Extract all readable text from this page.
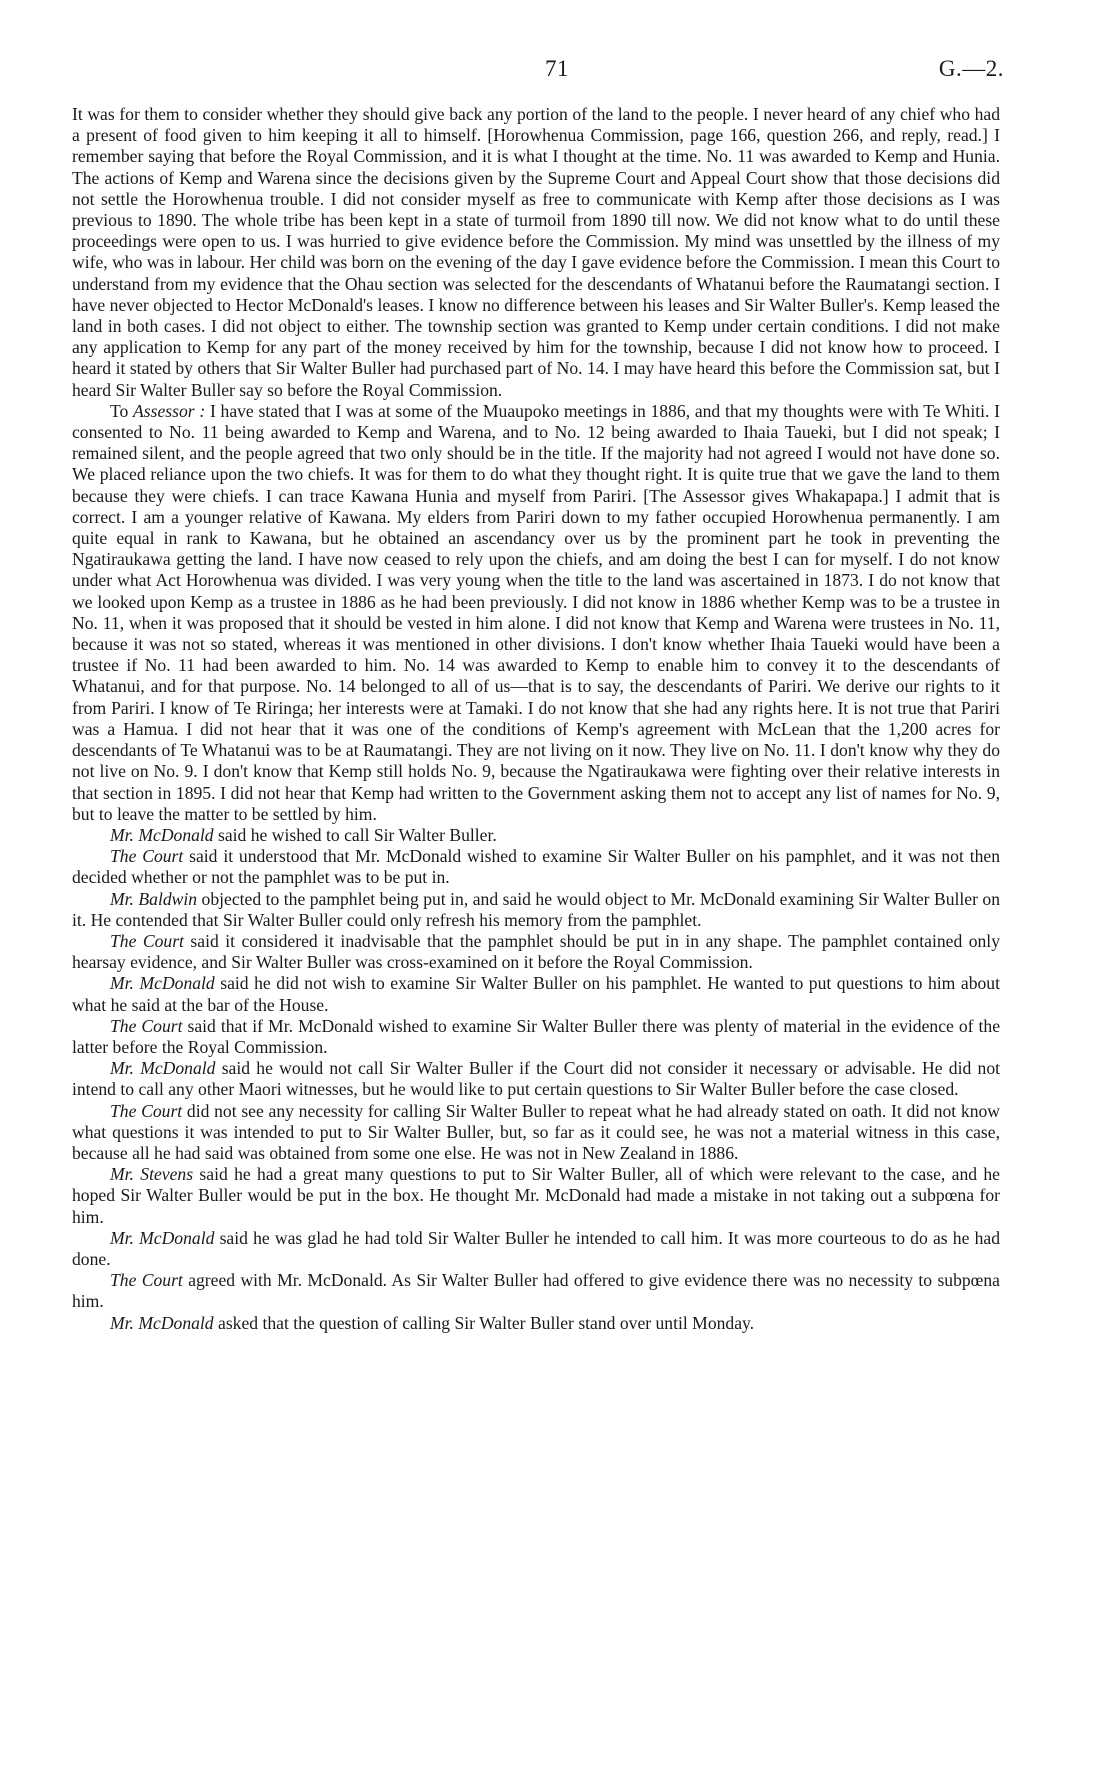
71	G.—2.

It was for them to consider whether they should give back any portion of the land to the people. I never heard of any chief who had a present of food given to him keeping it all to himself. [Horowhenua Commission, page 166, question 266, and reply, read.] I remember saying that before the Royal Commission, and it is what I thought at the time. No. 11 was awarded to Kemp and Hunia. The actions of Kemp and Warena since the decisions given by the Supreme Court and Appeal Court show that those decisions did not settle the Horowhenua trouble. I did not consider myself as free to communicate with Kemp after those decisions as I was previous to 1890. The whole tribe has been kept in a state of turmoil from 1890 till now. We did not know what to do until these proceedings were open to us. I was hurried to give evidence before the Commission. My mind was unsettled by the illness of my wife, who was in labour. Her child was born on the evening of the day I gave evidence before the Commission. I mean this Court to understand from my evidence that the Ohau section was selected for the descendants of Whatanui before the Raumatangi section. I have never objected to Hector McDonald's leases. I know no difference between his leases and Sir Walter Buller's. Kemp leased the land in both cases. I did not object to either. The township section was granted to Kemp under certain conditions. I did not make any application to Kemp for any part of the money received by him for the township, because I did not know how to proceed. I heard it stated by others that Sir Walter Buller had purchased part of No. 14. I may have heard this before the Commission sat, but I heard Sir Walter Buller say so before the Royal Commission.

To Assessor : I have stated that I was at some of the Muaupoko meetings in 1886, and that my thoughts were with Te Whiti. I consented to No. 11 being awarded to Kemp and Warena, and to No. 12 being awarded to Ihaia Taueki, but I did not speak; I remained silent, and the people agreed that two only should be in the title. If the majority had not agreed I would not have done so. We placed reliance upon the two chiefs. It was for them to do what they thought right. It is quite true that we gave the land to them because they were chiefs. I can trace Kawana Hunia and myself from Pariri. [The Assessor gives Whakapapa.] I admit that is correct. I am a younger relative of Kawana. My elders from Pariri down to my father occupied Horowhenua permanently. I am quite equal in rank to Kawana, but he obtained an ascendancy over us by the prominent part he took in preventing the Ngatiraukawa getting the land. I have now ceased to rely upon the chiefs, and am doing the best I can for myself. I do not know under what Act Horowhenua was divided. I was very young when the title to the land was ascertained in 1873. I do not know that we looked upon Kemp as a trustee in 1886 as he had been previously. I did not know in 1886 whether Kemp was to be a trustee in No. 11, when it was proposed that it should be vested in him alone. I did not know that Kemp and Warena were trustees in No. 11, because it was not so stated, whereas it was mentioned in other divisions. I don't know whether Ihaia Taueki would have been a trustee if No. 11 had been awarded to him. No. 14 was awarded to Kemp to enable him to convey it to the descendants of Whatanui, and for that purpose. No. 14 belonged to all of us—that is to say, the descendants of Pariri. We derive our rights to it from Pariri. I know of Te Riringa; her interests were at Tamaki. I do not know that she had any rights here. It is not true that Pariri was a Hamua. I did not hear that it was one of the conditions of Kemp's agreement with McLean that the 1,200 acres for descendants of Te Whatanui was to be at Raumatangi. They are not living on it now. They live on No. 11. I don't know why they do not live on No. 9. I don't know that Kemp still holds No. 9, because the Ngatiraukawa were fighting over their relative interests in that section in 1895. I did not hear that Kemp had written to the Government asking them not to accept any list of names for No. 9, but to leave the matter to be settled by him.

Mr. McDonald said he wished to call Sir Walter Buller.

The Court said it understood that Mr. McDonald wished to examine Sir Walter Buller on his pamphlet, and it was not then decided whether or not the pamphlet was to be put in.

Mr. Baldwin objected to the pamphlet being put in, and said he would object to Mr. McDonald examining Sir Walter Buller on it. He contended that Sir Walter Buller could only refresh his memory from the pamphlet.

The Court said it considered it inadvisable that the pamphlet should be put in in any shape. The pamphlet contained only hearsay evidence, and Sir Walter Buller was cross-examined on it before the Royal Commission.

Mr. McDonald said he did not wish to examine Sir Walter Buller on his pamphlet. He wanted to put questions to him about what he said at the bar of the House.

The Court said that if Mr. McDonald wished to examine Sir Walter Buller there was plenty of material in the evidence of the latter before the Royal Commission.

Mr. McDonald said he would not call Sir Walter Buller if the Court did not consider it necessary or advisable. He did not intend to call any other Maori witnesses, but he would like to put certain questions to Sir Walter Buller before the case closed.

The Court did not see any necessity for calling Sir Walter Buller to repeat what he had already stated on oath. It did not know what questions it was intended to put to Sir Walter Buller, but, so far as it could see, he was not a material witness in this case, because all he had said was obtained from some one else. He was not in New Zealand in 1886.

Mr. Stevens said he had a great many questions to put to Sir Walter Buller, all of which were relevant to the case, and he hoped Sir Walter Buller would be put in the box. He thought Mr. McDonald had made a mistake in not taking out a subpœna for him.

Mr. McDonald said he was glad he had told Sir Walter Buller he intended to call him. It was more courteous to do as he had done.

The Court agreed with Mr. McDonald. As Sir Walter Buller had offered to give evidence there was no necessity to subpœna him.

Mr. McDonald asked that the question of calling Sir Walter Buller stand over until Monday.
